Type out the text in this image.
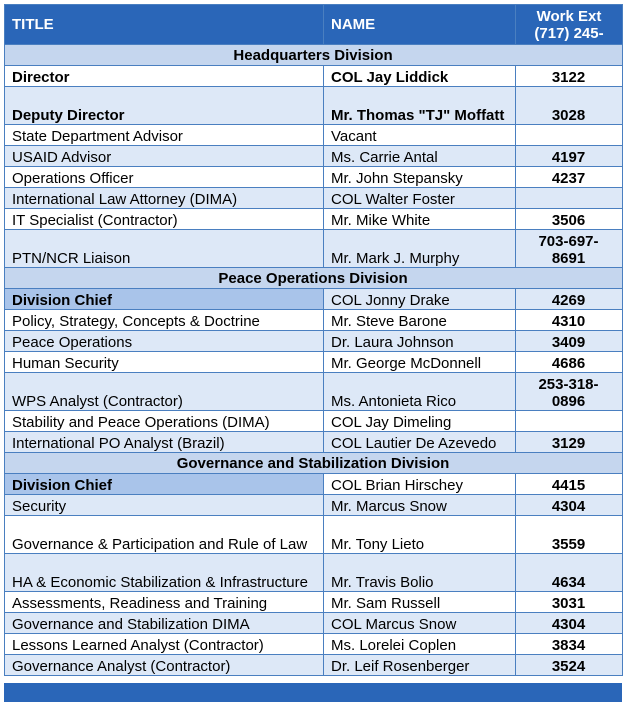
TITLE	NAME	Work Ext
(717) 245-

Headquarters Division		
Director	COL Jay Liddick	3122
Deputy Director	Mr. Thomas "TJ" Moffatt	3028
State Department Advisor	Vacant	
USAID Advisor	Ms. Carrie Antal	4197
Operations Officer	Mr. John Stepansky	4237
International Law Attorney (DIMA)	COL Walter Foster	
IT Specialist (Contractor)	Mr. Mike White	3506
PTN/NCR Liaison	Mr. Mark J. Murphy	703-697-8691
Peace Operations Division		
Division Chief	COL Jonny Drake	4269
Policy, Strategy, Concepts & Doctrine	Mr. Steve Barone	4310
Peace Operations	Dr. Laura Johnson	3409
Human Security	Mr. George McDonnell	4686
WPS Analyst (Contractor)	Ms. Antonieta Rico	253-318-0896
Stability and Peace Operations (DIMA)	COL Jay Dimeling	
International PO Analyst (Brazil)	COL Lautier De Azevedo	3129
Governance and Stabilization Division		
Division Chief	COL Brian Hirschey	4415
Security	Mr. Marcus Snow	4304
Governance & Participation and Rule of Law	Mr. Tony Lieto	3559
HA & Economic Stabilization & Infrastructure	Mr. Travis Bolio	4634
Assessments, Readiness and Training	Mr. Sam Russell	3031
Governance and Stabilization DIMA	COL Marcus Snow	4304
Lessons Learned Analyst (Contractor)	Ms. Lorelei Coplen	3834
Governance Analyst (Contractor)	Dr. Leif Rosenberger	3524
